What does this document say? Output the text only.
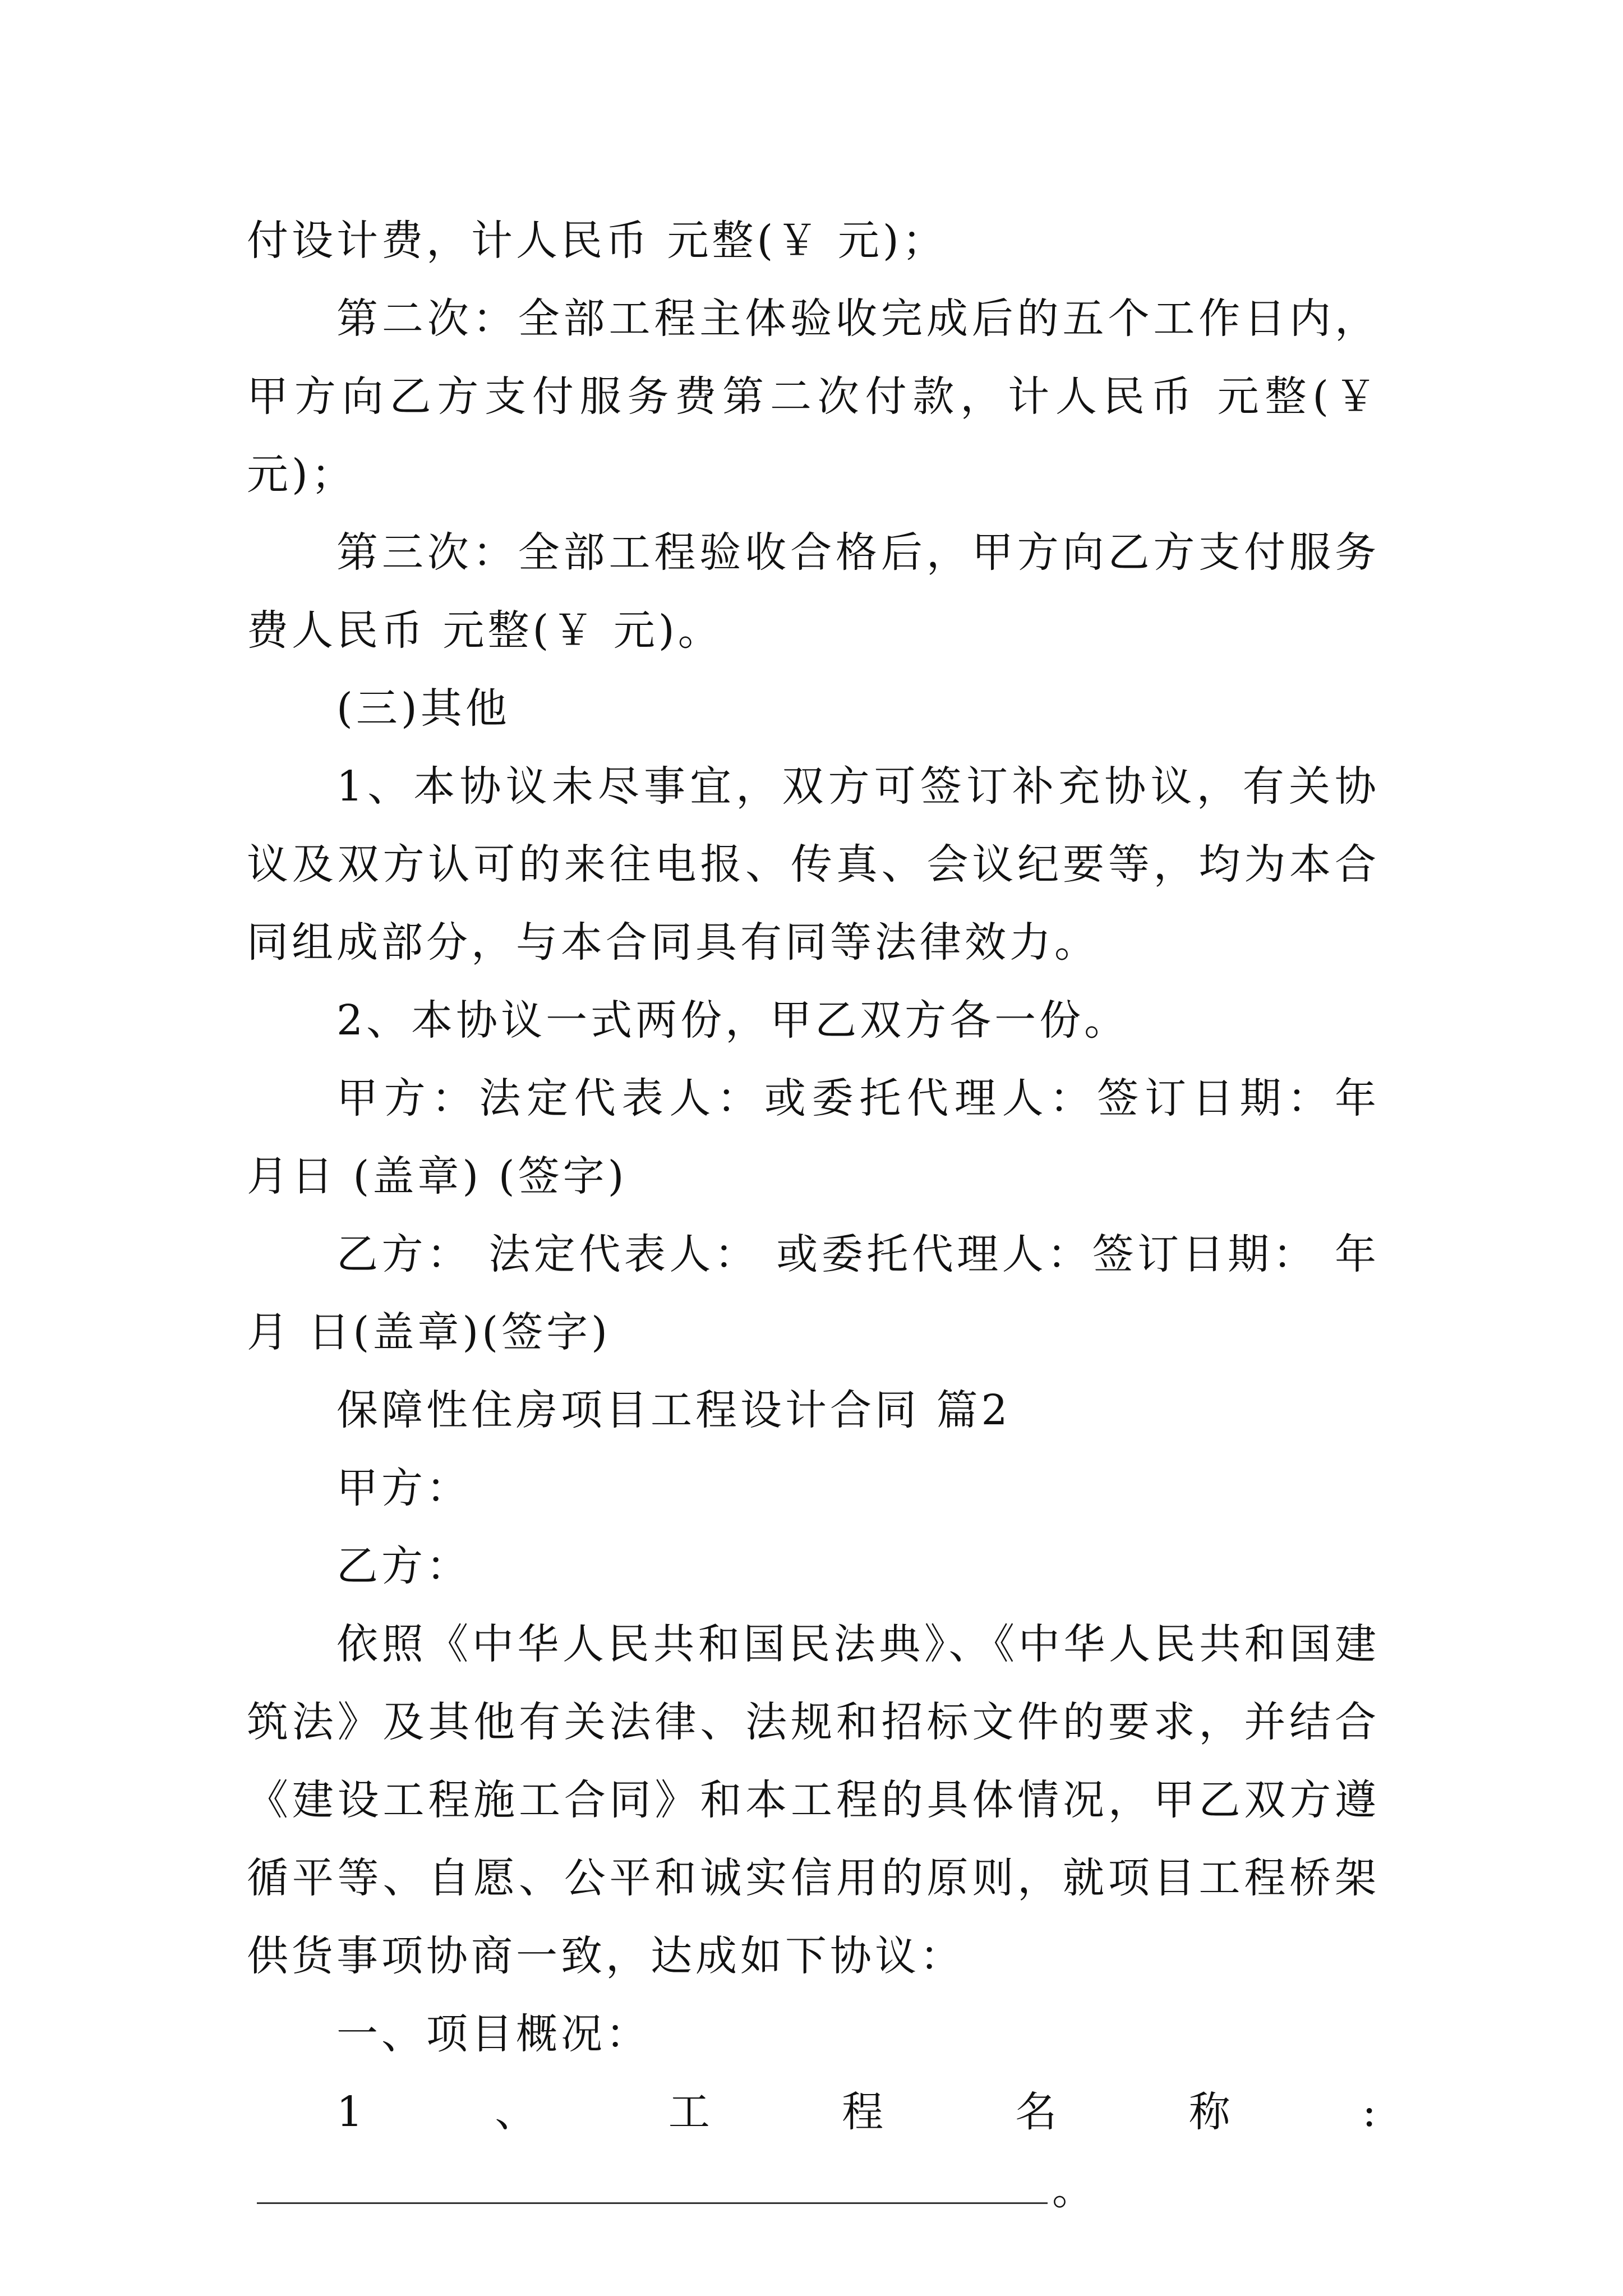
付设计费，计人民币 元整(￥ 元)；

第二次：全部工程主体验收完成后的五个工作日内，甲方向乙方支付服务费第二次付款，计人民币 元整(￥ 元)；

第三次：全部工程验收合格后，甲方向乙方支付服务费人民币 元整(￥ 元)。

(三)其他

1、本协议未尽事宜，双方可签订补充协议，有关协议及双方认可的来往电报、传真、会议纪要等，均为本合同组成部分，与本合同具有同等法律效力。

2、本协议一式两份，甲乙双方各一份。

甲方：法定代表人：或委托代理人：签订日期：年 月日 (盖章) (签字)

乙方： 法定代表人： 或委托代理人：签订日期： 年月 日(盖章)(签字)

保障性住房项目工程设计合同 篇2

甲方：

乙方：

依照《中华人民共和国民法典》、《中华人民共和国建筑法》及其他有关法律、法规和招标文件的要求，并结合《建设工程施工合同》和本工程的具体情况，甲乙双方遵循平等、自愿、公平和诚实信用的原则，就项目工程桥架供货事项协商一致，达成如下协议：

一、项目概况：

1、工程名称:。
